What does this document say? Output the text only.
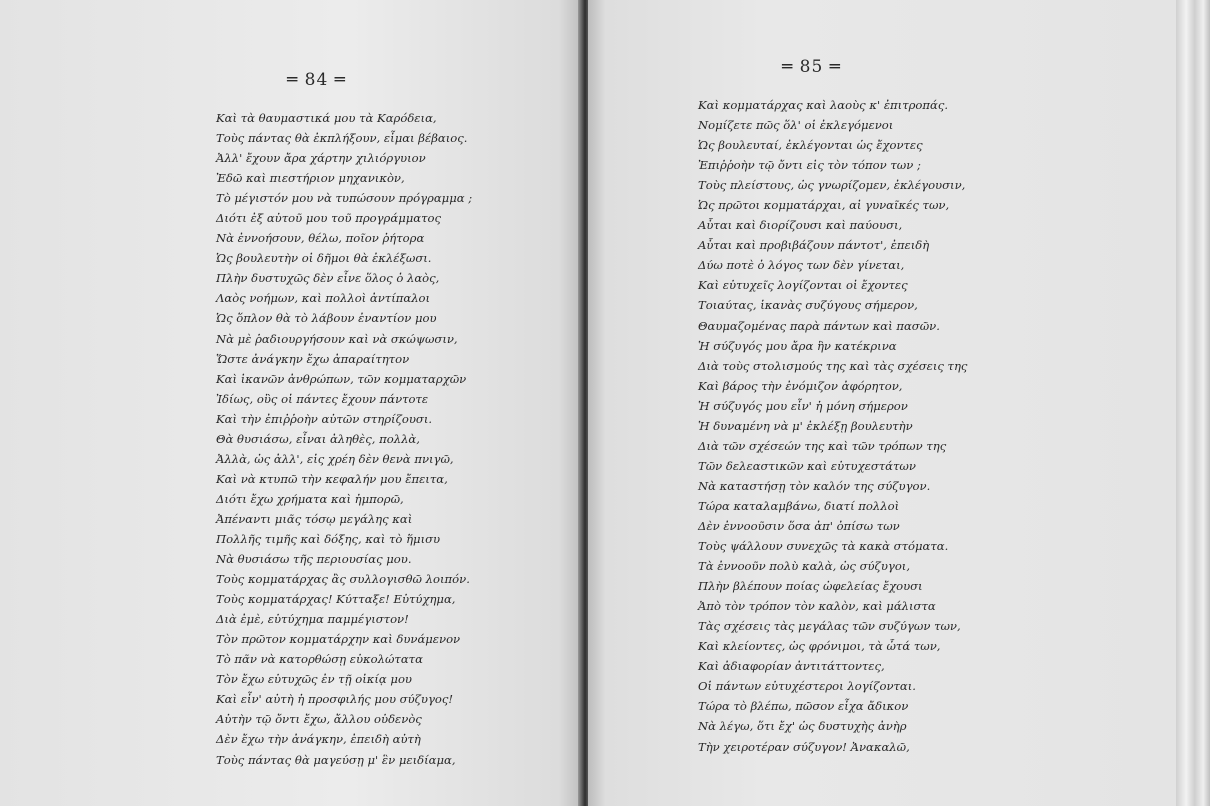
═ 84 ═
Καὶ τὰ θαυμαστικά μου τὰ Καρόδεια,
Τοὺς πάντας θὰ ἐκπλήξουν, εἶμαι βέβαιος.
Ἀλλ' ἔχουν ἄρα χάρτην χιλιόργυιον
Ἐδῶ καὶ πιεστήριον μηχανικὸν,
Τὸ μέγιστόν μου νὰ τυπώσουν πρόγραμμα ;
Διότι ἐξ αὐτοῦ μου τοῦ προγράμματος
Νὰ ἐννοήσουν, θέλω, ποῖον ῥήτορα
Ὡς βουλευτὴν οἱ δῆμοι θὰ ἐκλέξωσι.
Πλὴν δυστυχῶς δὲν εἶνε ὅλος ὁ λαὸς,
Λαὸς νοήμων, καὶ πολλοὶ ἀντίπαλοι
Ὡς ὅπλον θὰ τὸ λάβουν ἐναντίον μου
Νὰ μὲ ῥαδιουργήσουν καὶ νὰ σκώψωσιν,
Ὥστε ἀνάγκην ἔχω ἀπαραίτητον
Καὶ ἱκανῶν ἀνθρώπων, τῶν κομματαρχῶν
Ἰδίως, οὓς οἱ πάντες ἔχουν πάντοτε
Καὶ τὴν ἐπιῤῥοὴν αὐτῶν στηρίζουσι.
Θὰ θυσιάσω, εἶναι ἀληθὲς, πολλὰ,
Ἀλλὰ, ὡς ἀλλ', εἰς χρέη δὲν θενὰ πνιγῶ,
Καὶ νὰ κτυπῶ τὴν κεφαλήν μου ἔπειτα,
Διότι ἔχω χρήματα καὶ ἠμπορῶ,
Ἀπέναντι μιᾶς τόσῳ μεγάλης καὶ
Πολλῆς τιμῆς καὶ δόξης, καὶ τὸ ἥμισυ
Νὰ θυσιάσω τῆς περιουσίας μου.
Τοὺς κομματάρχας ἂς συλλογισθῶ λοιπόν.
Τοὺς κομματάρχας! Κύτταξε! Εὐτύχημα,
Διὰ ἐμὲ, εὐτύχημα παμμέγιστον!
Τὸν πρῶτον κομματάρχην καὶ δυνάμενον
Τὸ πᾶν νὰ κατορθώσῃ εὐκολώτατα
Τὸν ἔχω εὐτυχῶς ἐν τῇ οἰκίᾳ μου
Καὶ εἶν' αὐτὴ ἡ προσφιλής μου σύζυγος!
Αὐτὴν τῷ ὄντι ἔχω, ἄλλου οὐδενὸς
Δὲν ἔχω τὴν ἀνάγκην, ἐπειδὴ αὐτὴ
Τοὺς πάντας θὰ μαγεύσῃ μ' ἓν μειδίαμα,
═ 85 ═
Καὶ κομματάρχας καὶ λαοὺς κ' ἐπιτροπάς.
Νομίζετε πῶς ὅλ' οἱ ἐκλεγόμενοι
Ὡς βουλευταί, ἐκλέγονται ὡς ἔχοντες
Ἐπιῤῥοὴν τῷ ὄντι εἰς τὸν τόπον των ;
Τοὺς πλείστους, ὡς γνωρίζομεν, ἐκλέγουσιν,
Ὡς πρῶτοι κομματάρχαι, αἱ γυναῖκές των,
Αὗται καὶ διορίζουσι καὶ παύουσι,
Αὗται καὶ προβιβάζουν πάντοτ', ἐπειδὴ
Δύω ποτὲ ὁ λόγος των δὲν γίνεται,
Καὶ εὐτυχεῖς λογίζονται οἱ ἔχοντες
Τοιαύτας, ἱκανὰς συζύγους σήμερον,
Θαυμαζομένας παρὰ πάντων καὶ πασῶν.
Ἡ σύζυγός μου ἄρα ἣν κατέκρινα
Διὰ τοὺς στολισμούς της καὶ τὰς σχέσεις της
Καὶ βάρος τὴν ἐνόμιζον ἀφόρητον,
Ἡ σύζυγός μου εἶν' ἡ μόνη σήμερον
Ἡ δυναμένη νὰ μ' ἐκλέξῃ βουλευτὴν
Διὰ τῶν σχέσεών της καὶ τῶν τρόπων της
Τῶν δελεαστικῶν καὶ εὐτυχεστάτων
Νὰ καταστήσῃ τὸν καλόν της σύζυγον.
Τώρα καταλαμβάνω, διατί πολλοὶ
Δὲν ἐννοοῦσιν ὅσα ἀπ' ὀπίσω των
Τοὺς ψάλλουν συνεχῶς τὰ κακὰ στόματα.
Τὰ ἐννοοῦν πολὺ καλὰ, ὡς σύζυγοι,
Πλὴν βλέπουν ποίας ὠφελείας ἔχουσι
Ἀπὸ τὸν τρόπον τὸν καλὸν, καὶ μάλιστα
Τὰς σχέσεις τὰς μεγάλας τῶν συζύγων των,
Καὶ κλείοντες, ὡς φρόνιμοι, τὰ ὦτά των,
Καὶ ἀδιαφορίαν ἀντιτάττοντες,
Οἱ πάντων εὐτυχέστεροι λογίζονται.
Τώρα τὸ βλέπω, πῶσον εἶχα ἄδικον
Νὰ λέγω, ὅτι ἔχ' ὡς δυστυχὴς ἀνὴρ
Τὴν χειροτέραν σύζυγον! Ἀνακαλῶ,
